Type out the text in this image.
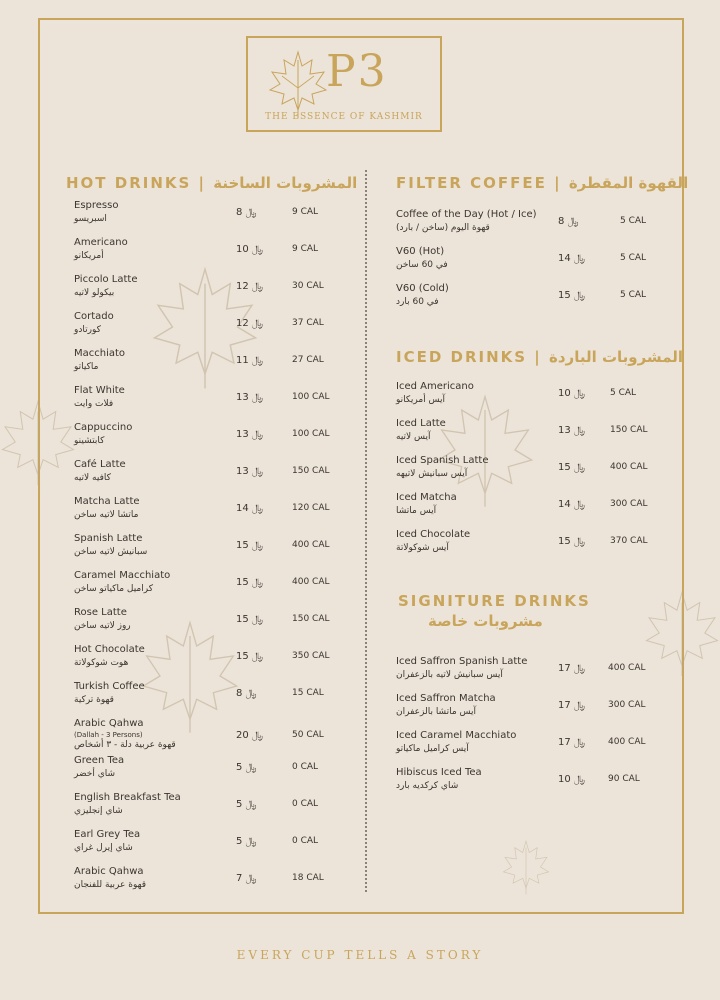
P3
THE ESSENCE OF KASHMIR
HOT DRINKS | المشروبات الساخنة	FILTER COFFEE | القهوة المقطرة
ICED DRINKS | المشروبات الباردة
SIGNITURE DRINKS
مشروبات خاصة
Espresso
اسبريسو
8 ﷼	9 CAL
Americano
أمريكانو
10 ﷼	9 CAL
Piccolo Latte
بيكولو لاتيه
12 ﷼	30 CAL
Cortado
كورتادو
12 ﷼	37 CAL
Macchiato
ماكياتو
11 ﷼	27 CAL
Flat White
فلات وايت
13 ﷼	100 CAL
Cappuccino
كابتشينو
13 ﷼	100 CAL
Café Latte
كافيه لاتيه
13 ﷼	150 CAL
Matcha Latte
ماتشا لاتيه ساخن
14 ﷼	120 CAL
Spanish Latte
سبانيش لاتيه ساخن
15 ﷼	400 CAL
Caramel Macchiato
كراميل ماكياتو ساخن
15 ﷼	400 CAL
Rose Latte
روز لاتيه ساخن
15 ﷼	150 CAL
Hot Chocolate
هوت شوكولاتة
15 ﷼	350 CAL
Turkish Coffee
قهوة تركية
8 ﷼	15 CAL
Arabic Qahwa
(Dallah - 3 Persons)
قهوة عربية دلة - ٣ أشخاص
20 ﷼	50 CAL
Green Tea
شاي أخضر
5 ﷼	0 CAL
English Breakfast Tea
شاي إنجليزي
5 ﷼	0 CAL
Earl Grey Tea
شاي إيرل غراي
5 ﷼	0 CAL
Arabic Qahwa
قهوة عربية للفنجان
7 ﷼	18 CAL
Coffee of the Day (Hot / Ice)
قهوة اليوم (ساخن / بارد)
8 ﷼	5 CAL
V60 (Hot)
في 60 ساخن
14 ﷼	5 CAL
V60 (Cold)
في 60 بارد
15 ﷼	5 CAL
Iced Americano
آيس أمريكانو
10 ﷼	5 CAL
Iced Latte
آيس لاتيه
13 ﷼	150 CAL
Iced Spanish Latte
آيس سبانيش لاتيهه
15 ﷼	400 CAL
Iced Matcha
آيس ماتشا
14 ﷼	300 CAL
Iced Chocolate
آيس شوكولاتة
15 ﷼	370 CAL
Iced Saffron Spanish Latte
آيس سبانيش لاتيه بالزعفران
17 ﷼	400 CAL
Iced Saffron Matcha
آيس ماتشا بالزعفران
17 ﷼	300 CAL
Iced Caramel Macchiato
آيس كراميل ماكياتو
17 ﷼	400 CAL
Hibiscus Iced Tea
شاي كركديه بارد
10 ﷼	90 CAL
EVERY CUP TELLS A STORY
